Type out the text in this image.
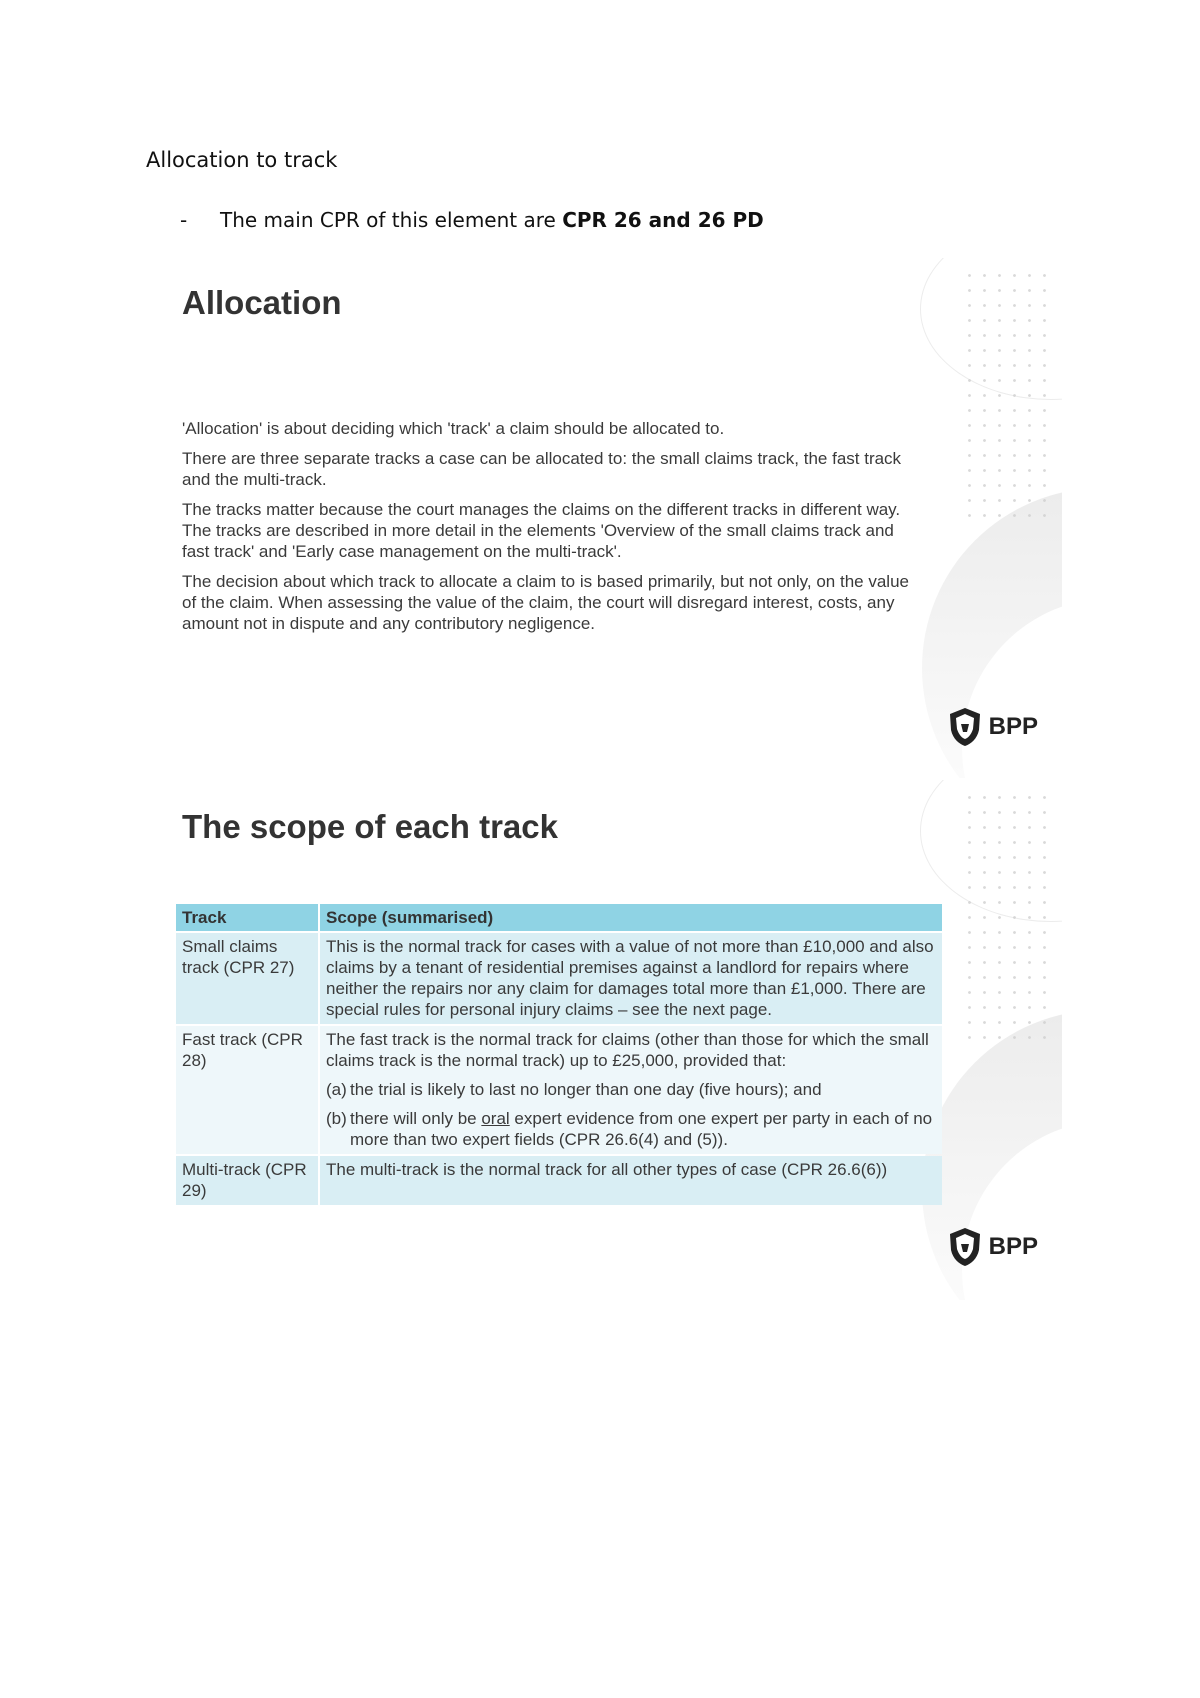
Allocation to track
- The main CPR of this element are CPR 26 and 26 PD
Allocation

'Allocation' is about deciding which 'track' a claim should be allocated to.

There are three separate tracks a case can be allocated to: the small claims track, the fast track and the multi-track.

The tracks matter because the court manages the claims on the different tracks in different way. The tracks are described in more detail in the elements 'Overview of the small claims track and fast track' and 'Early case management on the multi-track'.

The decision about which track to allocate a claim to is based primarily, but not only, on the value of the claim. When assessing the value of the claim, the court will disregard interest, costs, any amount not in dispute and any contributory negligence.

BPP
The scope of each track
Track	Scope (summarised)
Small claims track (CPR 27)	This is the normal track for cases with a value of not more than £10,000 and also claims by a tenant of residential premises against a landlord for repairs where neither the repairs nor any claim for damages total more than £1,000. There are special rules for personal injury claims – see the next page.
Fast track (CPR 28)	The fast track is the normal track for claims (other than those for which the small claims track is the normal track) up to £25,000, provided that:

(a) the trial is likely to last no longer than one day (five hours); and

(b) there will only be oral expert evidence from one expert per party in each of no more than two expert fields (CPR 26.6(4) and (5)).

Multi-track (CPR 29)	The multi-track is the normal track for all other types of case (CPR 26.6(6))
BPP
